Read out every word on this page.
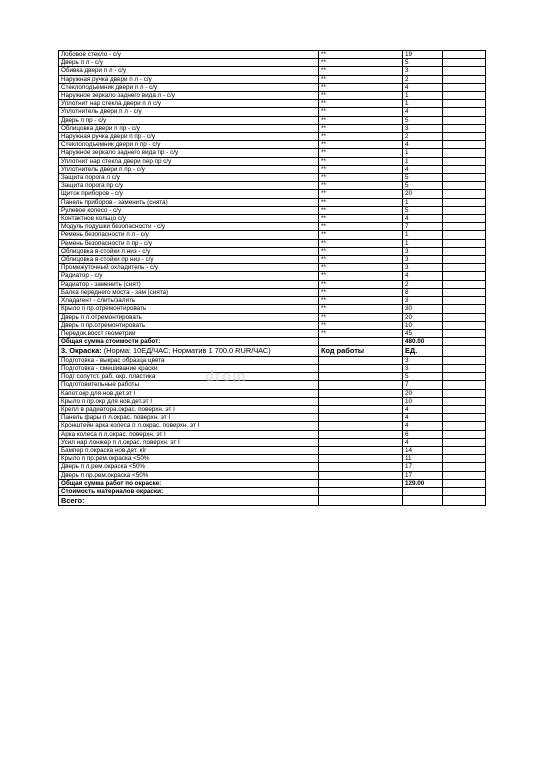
Лобовое стекло - с/у	**	19	
Дверь п л - с/у	**	5	
Обивка двери п л - с/у	**	3	
Наружная ручка двери п л - с/у	**	2	
Стеклоподъемник двери п л - с/у	**	4	
Наружное зеркало заднего вида л - с/у	**	1	
Уплотнит нар стекла двери п л с/у	**	1	
Уплотнитель двери п л - с/у	**	4	
Дверь п пр - с/у	**	5	
Облицовка двери п пр - с/у	**	3	
Наружная ручка двери п пр - с/у	**	2	
Стеклоподъемник двери п пр - с/у	**	4	
Наружное зеркало заднего вида пр - с/у	**	1	
Уплотнит нар стекла двери пер пр с/у	**	1	
Уплотнитель двери п пр - с/у	**	4	
Защита порога л с/у	**	5	
Защита порога пр с/у	**	5	
Щиток приборов - с/у	**	20	
Панель приборов - заменить (снята)	**	1	
Рулевое колесо - с/у	**	5	
Контактное кольцо с/у	**	4	
Модуль подушки безопасности - с/у	**	7	
Ремень безопасности п л - с/у	**	1	
Ремень безопасности п пр - с/у	**	1	
Облицовка в-стойки л низ - с/у	**	3	
Облицовка в-стойки пр низ - с/у	**	3	
Промежуточный охладитель - с/у	**	3	
Радиатор - с/у	**	4	
Радиатор - заменить (снят)	**	2	
Балка переднего моста - зам (снята)	**	8	
Хладагент - слить/залить	**	3	
Крыло п пр.отремонтировать	**	30	
Дверь п л.отремонтировать	**	20	
Дверь п пр.отремонтировать	**	10	
Передок.восст геометрии	**	45	
Общая сумма стоимости работ:		480.00	
3. Окраска: (Норма: 10ЕД/ЧАС; Норматив 1 700.0 RUR/ЧАС)	Код работы	ЕД.	
Подготовка - выкрас образца цвета		3	
Подготовка - смешивание краски		3	
Подг сопутст. раб. окр. пластика		5	
Подготовительные работы		7	
Капот.окр для нов.дет.эт I		20	
Крыло п пр.окр для нов.дет.эт I		10	
Крепл в радиатора.окрас. поверхн. эт I		4	
Панель фары п л.окрас. поверхн. эт I		4	
Кронштейн арка колеса п л.окрас. поверхн. эт I		4	
Арка колеса п л.окрас. поверхн. эт I		6	
Усил нар лонжер п л.окрас. поверхн. эт I		4	
Бампер п.окраска нов.дет. кIг		14	
Крыло п пр.рем.окраска <50%		11	
Дверь п л.рем.окраска <50%		17	
Дверь п пр.рем.окраска <50%		17	
Общая сумма работ по окраске:		129.00	
Стоимость материалов окраски:			
Всего:			
drom
